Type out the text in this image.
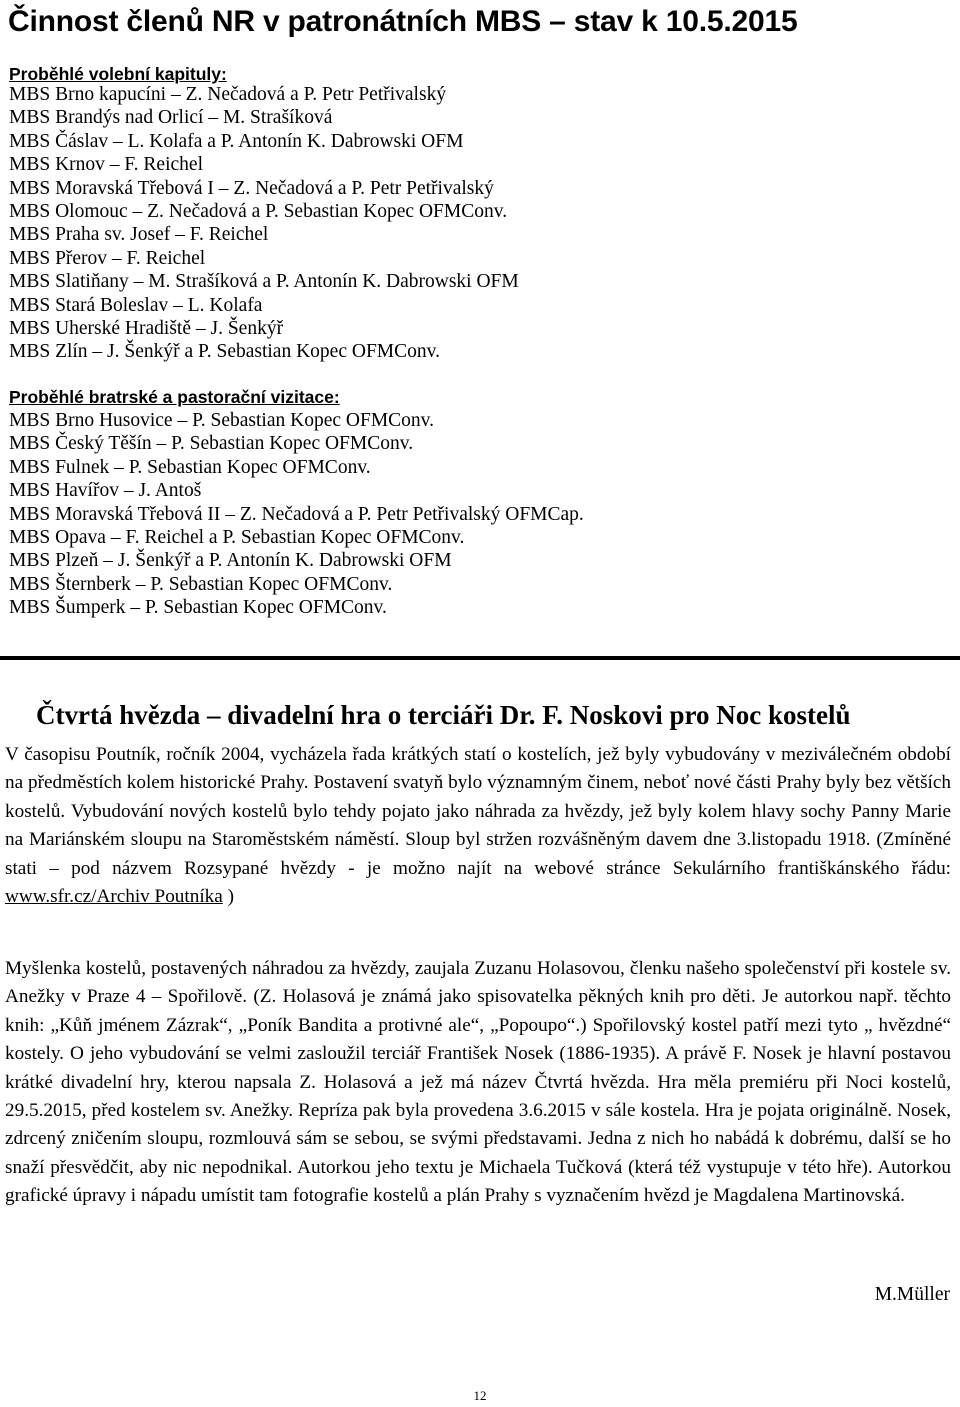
Činnost členů NR v patronátních MBS – stav k 10.5.2015
Proběhlé volební kapituly:
MBS Brno kapucíni – Z. Nečadová a P. Petr Petřivalský
MBS Brandýs nad Orlicí – M. Strašíková
MBS Čáslav – L. Kolafa a P. Antonín K. Dabrowski OFM
MBS Krnov – F. Reichel
MBS Moravská Třebová I – Z. Nečadová a P. Petr Petřivalský
MBS Olomouc – Z. Nečadová a P. Sebastian Kopec OFMConv.
MBS Praha sv. Josef – F. Reichel
MBS Přerov – F. Reichel
MBS Slatiňany – M. Strašíková a P. Antonín K. Dabrowski OFM
MBS Stará Boleslav – L. Kolafa
MBS Uherské Hradiště – J. Šenkýř
MBS Zlín – J. Šenkýř a P. Sebastian Kopec OFMConv.
Proběhlé bratrské a pastorační vizitace:
MBS Brno Husovice – P. Sebastian Kopec OFMConv.
MBS Český Těšín – P. Sebastian Kopec OFMConv.
MBS Fulnek – P. Sebastian Kopec OFMConv.
MBS Havířov – J. Antoš
MBS Moravská Třebová II – Z. Nečadová a P. Petr Petřivalský OFMCap.
MBS Opava – F. Reichel a P. Sebastian Kopec OFMConv.
MBS Plzeň – J. Šenkýř a P. Antonín K. Dabrowski OFM
MBS Šternberk – P. Sebastian Kopec OFMConv.
MBS Šumperk – P. Sebastian Kopec OFMConv.
Čtvrtá hvězda – divadelní hra o terciáři Dr. F. Noskovi pro Noc kostelů

V časopisu Poutník, ročník 2004, vycházela řada krátkých statí o kostelích, jež byly vybudovány v meziválečném období na předměstích kolem historické Prahy. Postavení svatyň bylo významným činem, neboť nové části Prahy byly bez větších kostelů. Vybudování nových kostelů bylo tehdy pojato jako náhrada za hvězdy, jež byly kolem hlavy sochy Panny Marie na Mariánském sloupu na Staroměstském náměstí. Sloup byl stržen rozvášněným davem dne 3.listopadu 1918. (Zmíněné stati – pod názvem Rozsypané hvězdy - je možno najít na webové stránce Sekulárního františkánského řádu: www.sfr.cz/Archiv Poutníka )

Myšlenka kostelů, postavených náhradou za hvězdy, zaujala Zuzanu Holasovou, členku našeho společenství při kostele sv. Anežky v Praze 4 – Spořilově. (Z. Holasová je známá jako spisovatelka pěkných knih pro děti. Je autorkou např. těchto knih: „Kůň jménem Zázrak“, „Poník Bandita a protivné ale“, „Popoupo“.) Spořilovský kostel patří mezi tyto „ hvězdné“ kostely. O jeho vybudování se velmi zasloužil terciář František Nosek (1886-1935). A právě F. Nosek je hlavní postavou krátké divadelní hry, kterou napsala Z. Holasová a jež má název Čtvrtá hvězda. Hra měla premiéru při Noci kostelů, 29.5.2015, před kostelem sv. Anežky. Repríza pak byla provedena 3.6.2015 v sále kostela. Hra je pojata originálně. Nosek, zdrcený zničením sloupu, rozmlouvá sám se sebou, se svými představami. Jedna z nich ho nabádá k dobrému, další se ho snaží přesvědčit, aby nic nepodnikal. Autorkou jeho textu je Michaela Tučková (která též vystupuje v této hře). Autorkou grafické úpravy i nápadu umístit tam fotografie kostelů a plán Prahy s vyznačením hvězd je Magdalena Martinovská.

M.Müller

12
